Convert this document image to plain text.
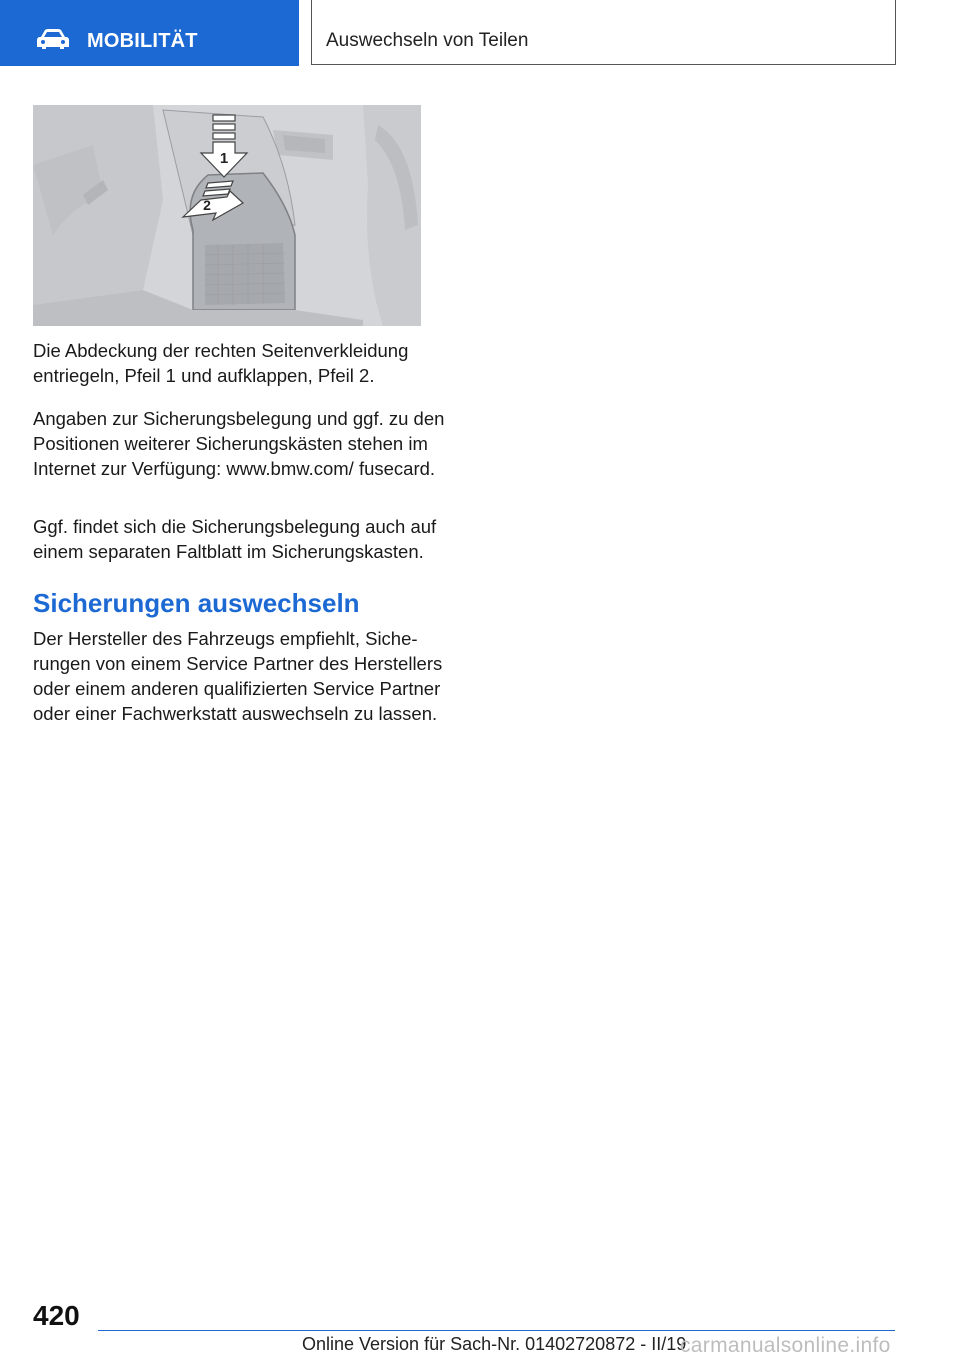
MOBILITÄT	Auswechseln von Teilen
1
2

Die Abdeckung der rechten Seitenverkleidung entriegeln, Pfeil 1 und aufklappen, Pfeil 2.

Angaben zur Sicherungsbelegung und ggf. zu den Positionen weiterer Sicherungskästen stehen im Internet zur Verfügung: www.bmw.com/ fusecard.

Ggf. findet sich die Sicherungsbelegung auch auf einem separaten Faltblatt im Sicherungskasten.

Sicherungen auswechseln

Der Hersteller des Fahrzeugs empfiehlt, Sicherungen von einem Service Partner des Herstellers oder einem anderen qualifizierten Service Partner oder einer Fachwerkstatt auswechseln zu lassen.

420
Online Version für Sach-Nr. 01402720872 - II/19
carmanualsonline.info
